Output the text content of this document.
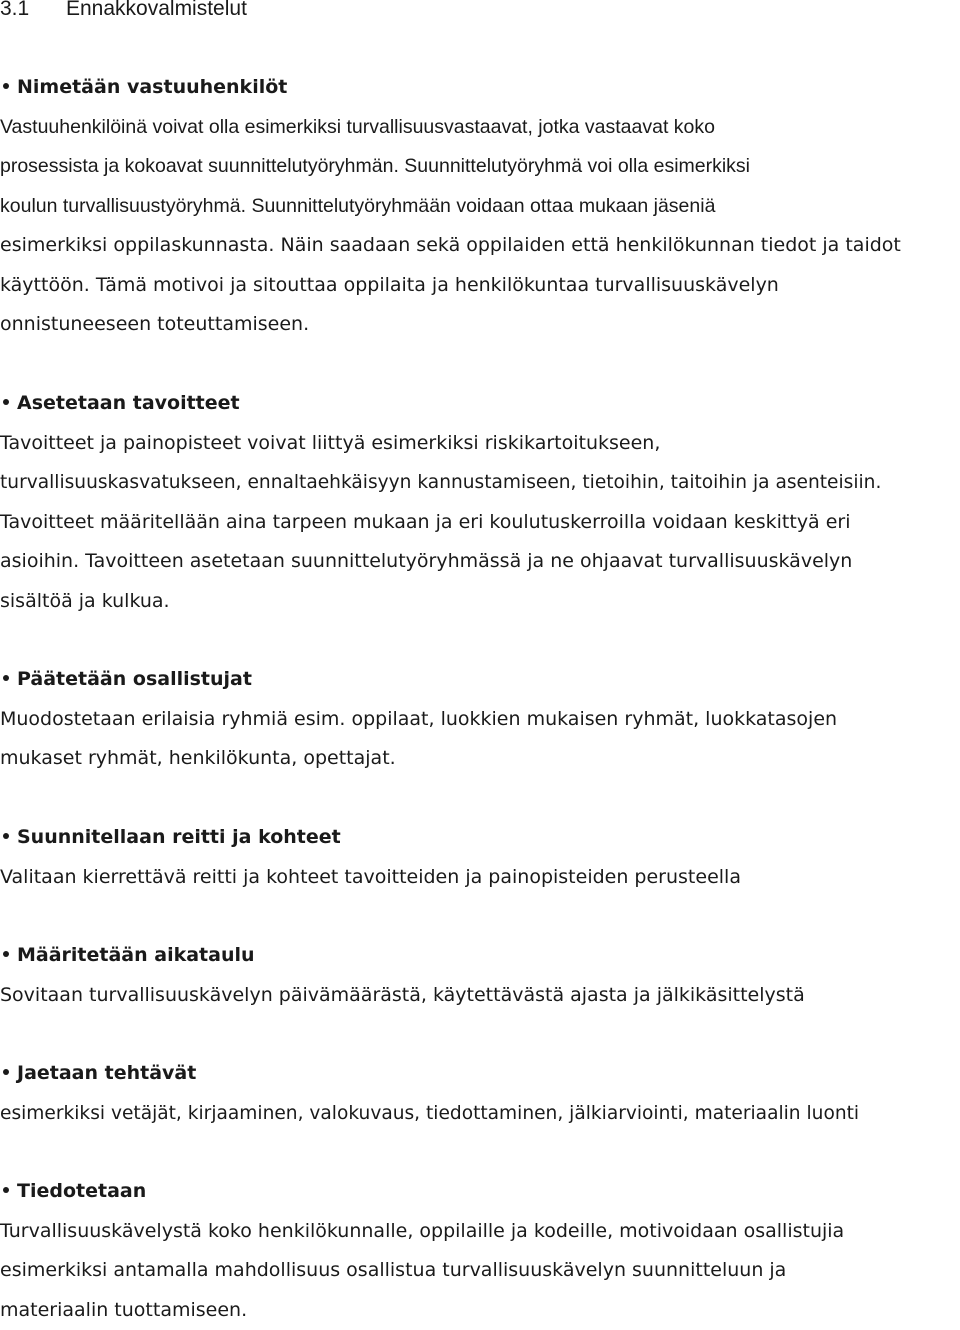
3.1 Ennakkovalmistelut
Nimetään vastuuhenkilöt
Vastuuhenkilöinä voivat olla esimerkiksi turvallisuusvastaavat, jotka vastaavat koko
prosessista ja kokoavat suunnittelutyöryhmän. Suunnittelutyöryhmä voi olla esimerkiksi
koulun turvallisuustyöryhmä. Suunnittelutyöryhmään voidaan ottaa mukaan jäseniä
esimerkiksi oppilaskunnasta. Näin saadaan sekä oppilaiden että henkilökunnan tiedot ja taidot
käyttöön. Tämä motivoi ja sitouttaa oppilaita ja henkilökuntaa turvallisuuskävelyn
onnistuneeseen toteuttamiseen.
Asetetaan tavoitteet
Tavoitteet ja painopisteet voivat liittyä esimerkiksi riskikartoitukseen,
turvallisuuskasvatukseen, ennaltaehkäisyyn kannustamiseen, tietoihin, taitoihin ja asenteisiin.
Tavoitteet määritellään aina tarpeen mukaan ja eri koulutuskerroilla voidaan keskittyä eri
asioihin. Tavoitteen asetetaan suunnittelutyöryhmässä ja ne ohjaavat turvallisuuskävelyn
sisältöä ja kulkua.
Päätetään osallistujat
Muodostetaan erilaisia ryhmiä esim. oppilaat, luokkien mukaisen ryhmät, luokkatasojen
mukaset ryhmät, henkilökunta, opettajat.
Suunnitellaan reitti ja kohteet
Valitaan kierrettävä reitti ja kohteet tavoitteiden ja painopisteiden perusteella
Määritetään aikataulu
Sovitaan turvallisuuskävelyn päivämäärästä, käytettävästä ajasta ja jälkikäsittelystä
Jaetaan tehtävät
esimerkiksi vetäjät, kirjaaminen, valokuvaus, tiedottaminen, jälkiarviointi, materiaalin luonti
Tiedotetaan
Turvallisuuskävelystä koko henkilökunnalle, oppilaille ja kodeille, motivoidaan osallistujia
esimerkiksi antamalla mahdollisuus osallistua turvallisuuskävelyn suunnitteluun ja
materiaalin tuottamiseen.
